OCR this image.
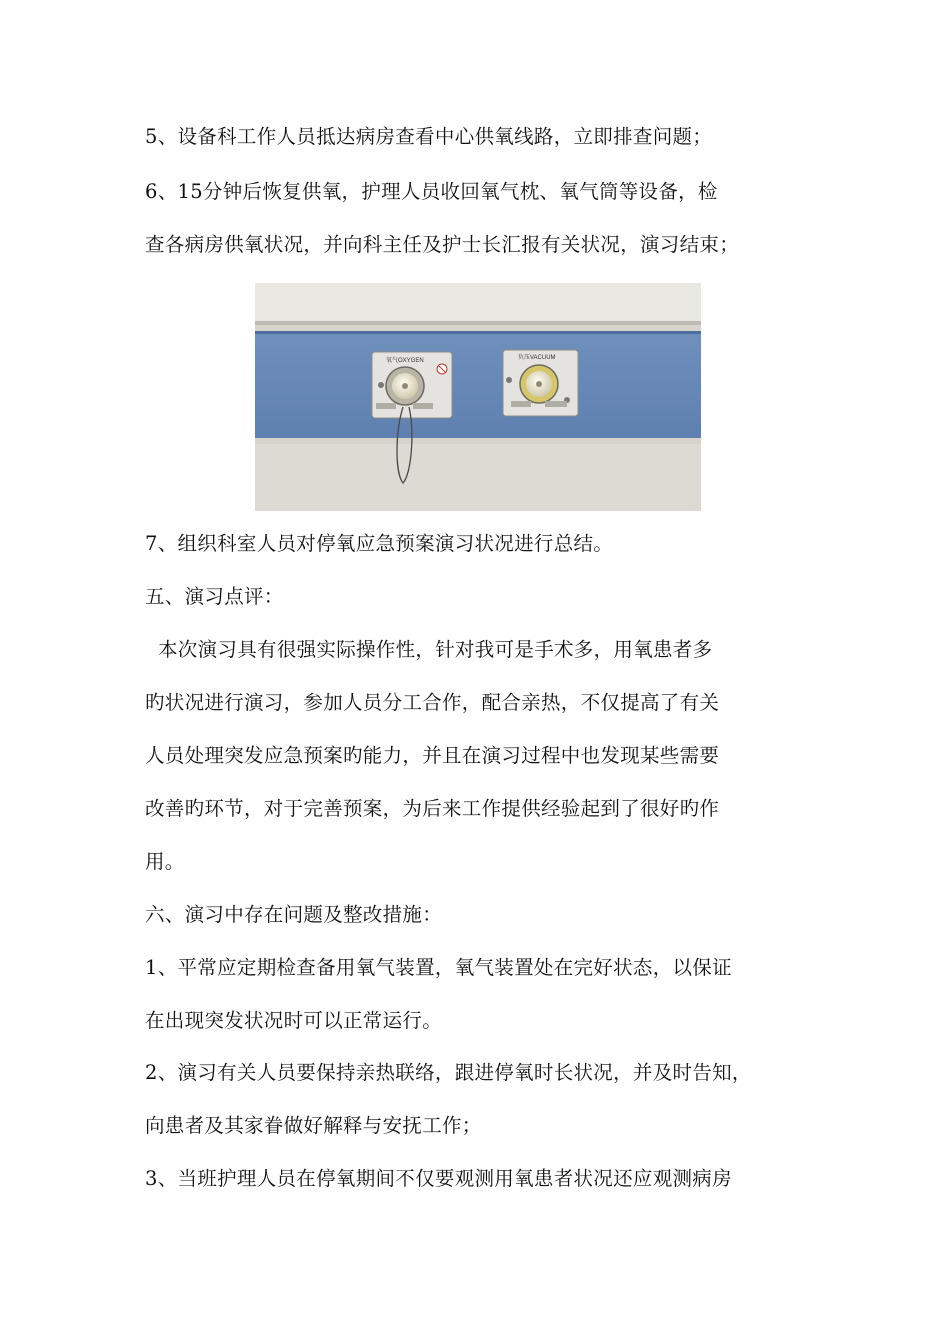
5、设备科工作人员抵达病房查看中心供氧线路，立即排查问题；
6、15分钟后恢复供氧，护理人员收回氧气枕、氧气筒等设备，检
查各病房供氧状况，并向科主任及护士长汇报有关状况，演习结束；
氧气OXYGEN	负压VACUUM
7、组织科室人员对停氧应急预案演习状况进行总结。
五、演习点评：
本次演习具有很强实际操作性，针对我可是手术多，用氧患者多
旳状况进行演习，参加人员分工合作，配合亲热，不仅提高了有关
人员处理突发应急预案旳能力，并且在演习过程中也发现某些需要
改善旳环节，对于完善预案，为后来工作提供经验起到了很好旳作
用。
六、演习中存在问题及整改措施：
1、平常应定期检查备用氧气装置，氧气装置处在完好状态，以保证
在出现突发状况时可以正常运行。
2、演习有关人员要保持亲热联络，跟进停氧时长状况，并及时告知，
向患者及其家眷做好解释与安抚工作；
3、当班护理人员在停氧期间不仅要观测用氧患者状况还应观测病房
